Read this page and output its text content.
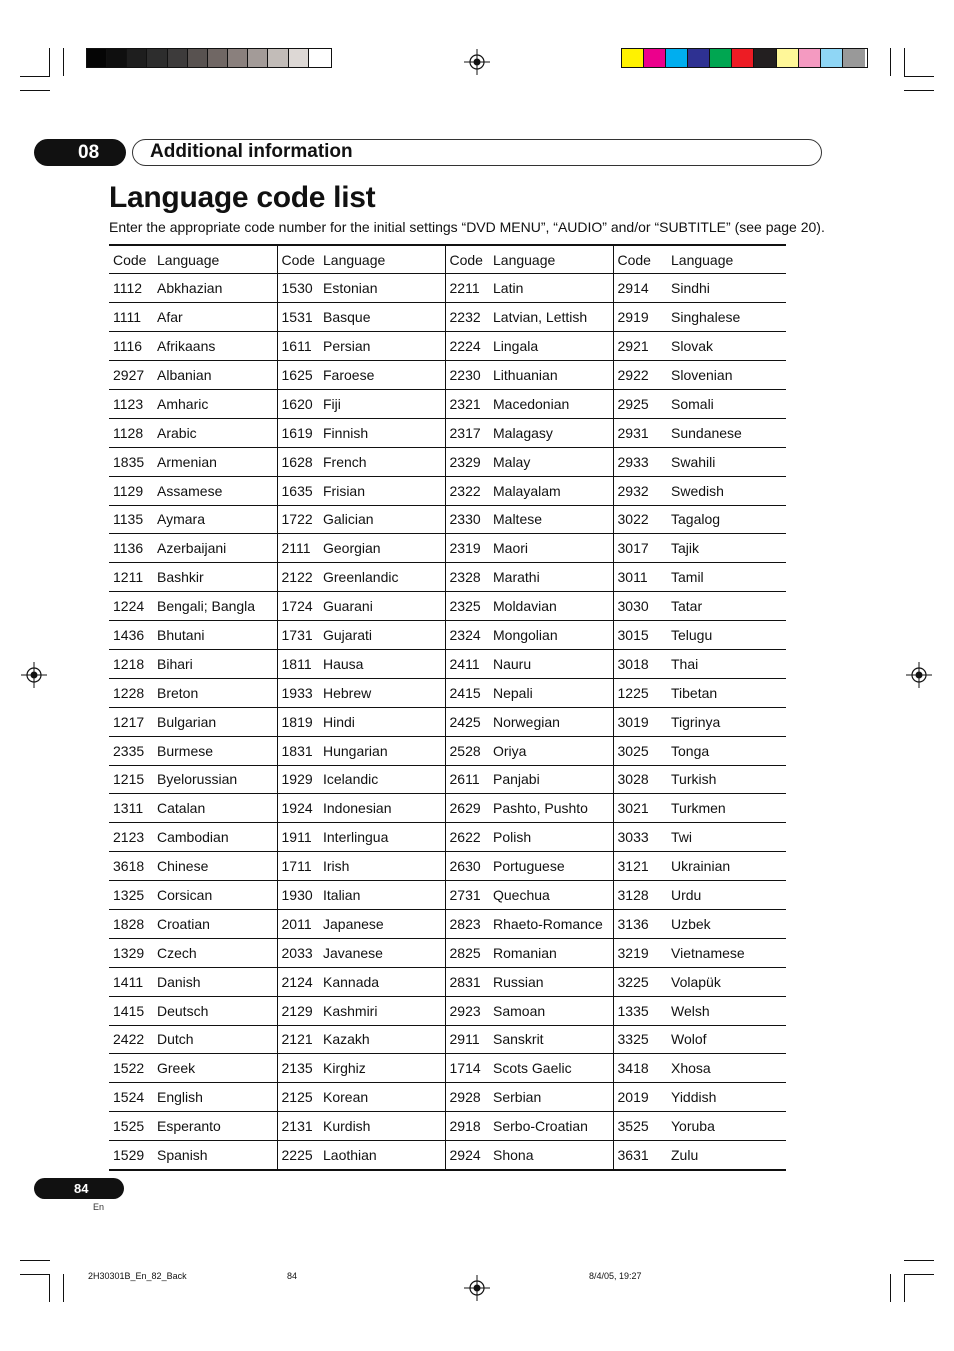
08	Additional information
Language code list

Enter the appropriate code number for the initial settings “DVD MENU”, “AUDIO” and/or “SUBTITLE” (see page 20).

Code	Language	Code	Language	Code	Language	Code	Language
1112	Abkhazian	1530	Estonian	2211	Latin	2914	Sindhi
1111	Afar	1531	Basque	2232	Latvian, Lettish	2919	Singhalese
1116	Afrikaans	1611	Persian	2224	Lingala	2921	Slovak
2927	Albanian	1625	Faroese	2230	Lithuanian	2922	Slovenian
1123	Amharic	1620	Fiji	2321	Macedonian	2925	Somali
1128	Arabic	1619	Finnish	2317	Malagasy	2931	Sundanese
1835	Armenian	1628	French	2329	Malay	2933	Swahili
1129	Assamese	1635	Frisian	2322	Malayalam	2932	Swedish
1135	Aymara	1722	Galician	2330	Maltese	3022	Tagalog
1136	Azerbaijani	2111	Georgian	2319	Maori	3017	Tajik
1211	Bashkir	2122	Greenlandic	2328	Marathi	3011	Tamil
1224	Bengali; Bangla	1724	Guarani	2325	Moldavian	3030	Tatar
1436	Bhutani	1731	Gujarati	2324	Mongolian	3015	Telugu
1218	Bihari	1811	Hausa	2411	Nauru	3018	Thai
1228	Breton	1933	Hebrew	2415	Nepali	1225	Tibetan
1217	Bulgarian	1819	Hindi	2425	Norwegian	3019	Tigrinya
2335	Burmese	1831	Hungarian	2528	Oriya	3025	Tonga
1215	Byelorussian	1929	Icelandic	2611	Panjabi	3028	Turkish
1311	Catalan	1924	Indonesian	2629	Pashto, Pushto	3021	Turkmen
2123	Cambodian	1911	Interlingua	2622	Polish	3033	Twi
3618	Chinese	1711	Irish	2630	Portuguese	3121	Ukrainian
1325	Corsican	1930	Italian	2731	Quechua	3128	Urdu
1828	Croatian	2011	Japanese	2823	Rhaeto-Romance	3136	Uzbek
1329	Czech	2033	Javanese	2825	Romanian	3219	Vietnamese
1411	Danish	2124	Kannada	2831	Russian	3225	Volapük
1415	Deutsch	2129	Kashmiri	2923	Samoan	1335	Welsh
2422	Dutch	2121	Kazakh	2911	Sanskrit	3325	Wolof
1522	Greek	2135	Kirghiz	1714	Scots Gaelic	3418	Xhosa
1524	English	2125	Korean	2928	Serbian	2019	Yiddish
1525	Esperanto	2131	Kurdish	2918	Serbo-Croatian	3525	Yoruba
1529	Spanish	2225	Laothian	2924	Shona	3631	Zulu
84
En
2H30301B_En_82_Back	84	8/4/05, 19:27
